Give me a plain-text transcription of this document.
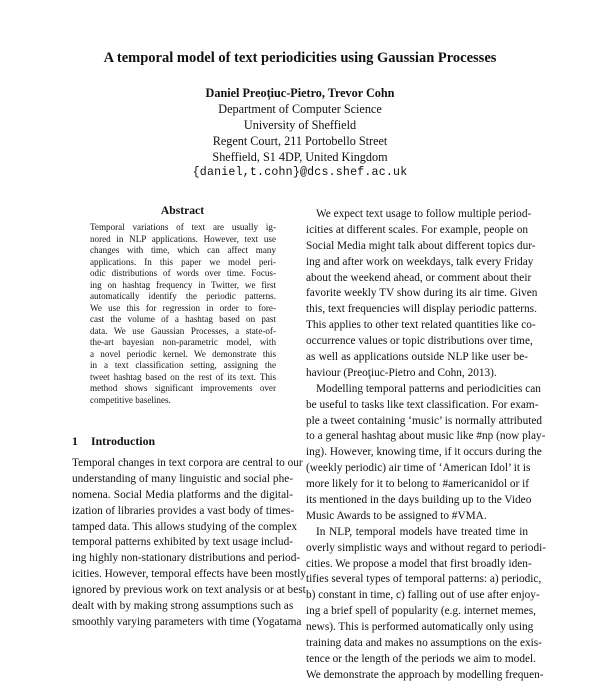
A temporal model of text periodicities using Gaussian Processes
Daniel Preoţiuc-Pietro, Trevor Cohn
Department of Computer Science
University of Sheffield
Regent Court, 211 Portobello Street
Sheffield, S1 4DP, United Kingdom
{daniel,t.cohn}@dcs.shef.ac.uk
Abstract
Temporal variations of text are usually ig-
nored in NLP applications. However, text use
changes with time, which can affect many
applications. In this paper we model peri-
odic distributions of words over time. Focus-
ing on hashtag frequency in Twitter, we first
automatically identify the periodic patterns.
We use this for regression in order to fore-
cast the volume of a hashtag based on past
data. We use Gaussian Processes, a state-of-
the-art bayesian non-parametric model, with
a novel periodic kernel. We demonstrate this
in a text classification setting, assigning the
tweet hashtag based on the rest of its text. This
method shows significant improvements over
competitive baselines.
1 Introduction
Temporal changes in text corpora are central to our
understanding of many linguistic and social phe-
nomena. Social Media platforms and the digital-
ization of libraries provides a vast body of times-
tamped data. This allows studying of the complex
temporal patterns exhibited by text usage includ-
ing highly non-stationary distributions and period-
icities. However, temporal effects have been mostly
ignored by previous work on text analysis or at best
dealt with by making strong assumptions such as
smoothly varying parameters with time (Yogatama
We expect text usage to follow multiple period-
icities at different scales. For example, people on
Social Media might talk about different topics dur-
ing and after work on weekdays, talk every Friday
about the weekend ahead, or comment about their
favorite weekly TV show during its air time. Given
this, text frequencies will display periodic patterns.
This applies to other text related quantities like co-
occurrence values or topic distributions over time,
as well as applications outside NLP like user be-
haviour (Preoţiuc-Pietro and Cohn, 2013).
Modelling temporal patterns and periodicities can
be useful to tasks like text classification. For exam-
ple a tweet containing ‘music’ is normally attributed
to a general hashtag about music like #np (now play-
ing). However, knowing time, if it occurs during the
(weekly periodic) air time of ‘American Idol’ it is
more likely for it to belong to #americanidol or if
its mentioned in the days building up to the Video
Music Awards to be assigned to #VMA.
In NLP, temporal models have treated time in
overly simplistic ways and without regard to periodi-
cities. We propose a model that first broadly iden-
tifies several types of temporal patterns: a) periodic,
b) constant in time, c) falling out of use after enjoy-
ing a brief spell of popularity (e.g. internet memes,
news). This is performed automatically only using
training data and makes no assumptions on the exis-
tence or the length of the periods we aim to model.
We demonstrate the approach by modelling frequen-
